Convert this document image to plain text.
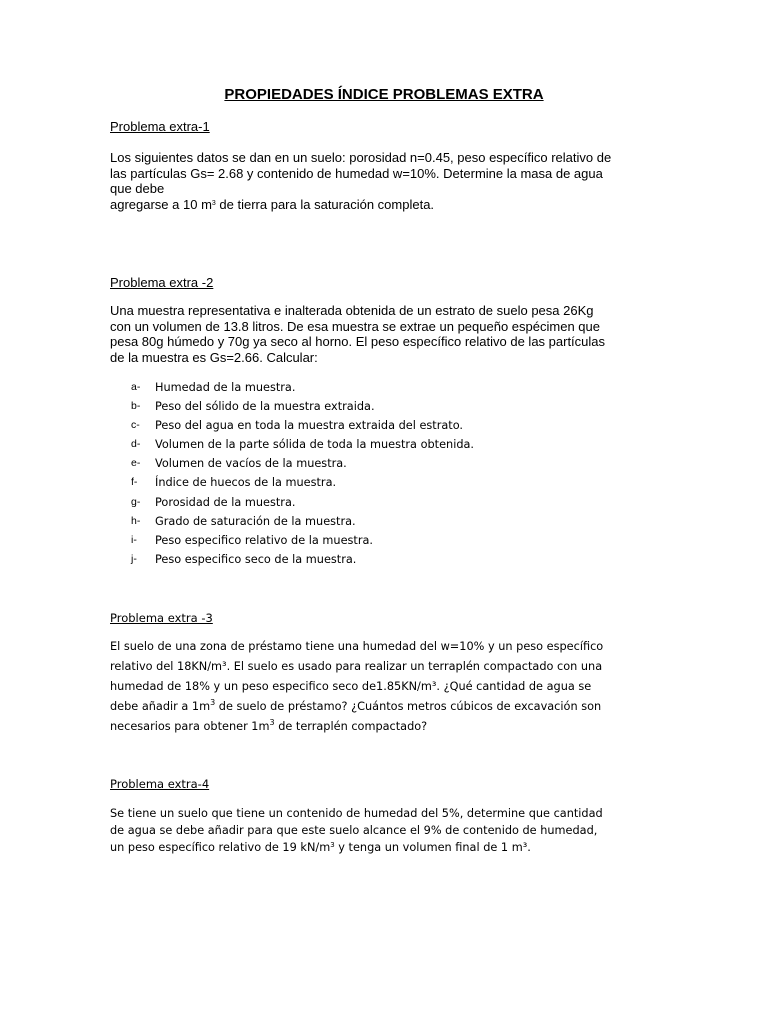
PROPIEDADES ÍNDICE PROBLEMAS EXTRA
Problema extra-1
Los siguientes datos se dan en un suelo: porosidad n=0.45, peso específico relativo de
las partículas Gs= 2.68 y contenido de humedad w=10%. Determine la masa de agua
que debe
agregarse a 10 $m^3$ de tierra para la saturación completa.
Problema extra -2
Una muestra representativa e inalterada obtenida de un estrato de suelo pesa 26Kg
con un volumen de 13.8 litros. De esa muestra se extrae un pequeño espécimen que
pesa 80g húmedo y 70g ya seco al horno. El peso específico relativo de las partículas
de la muestra es Gs=2.66. Calcular:
a- Humedad de la muestra.
b- Peso del sólido de la muestra extraida.
c- Peso del agua en toda la muestra extraida del estrato.
d- Volumen de la parte sólida de toda la muestra obtenida.
e- Volumen de vacíos de la muestra.
f- Índice de huecos de la muestra.
g- Porosidad de la muestra.
h- Grado de saturación de la muestra.
i- Peso especifico relativo de la muestra.
j- Peso especifico seco de la muestra.
Problema extra -3
El suelo de una zona de préstamo tiene una humedad del w=10% y un peso específico
relativo del 18KN/m³. El suelo es usado para realizar un terraplén compactado con una
humedad de 18% y un peso especifico seco de1.85KN/m³. ¿Qué cantidad de agua se
debe añadir a $1m^3$ de suelo de préstamo? ¿Cuántos metros cúbicos de excavación son
necesarios para obtener $1m^3$ de terraplén compactado?
Problema extra-4
Se tiene un suelo que tiene un contenido de humedad del 5%, determine que cantidad
de agua se debe añadir para que este suelo alcance el 9% de contenido de humedad,
un peso específico relativo de 19 $kN/m^3$ y tenga un volumen final de 1 m³.
